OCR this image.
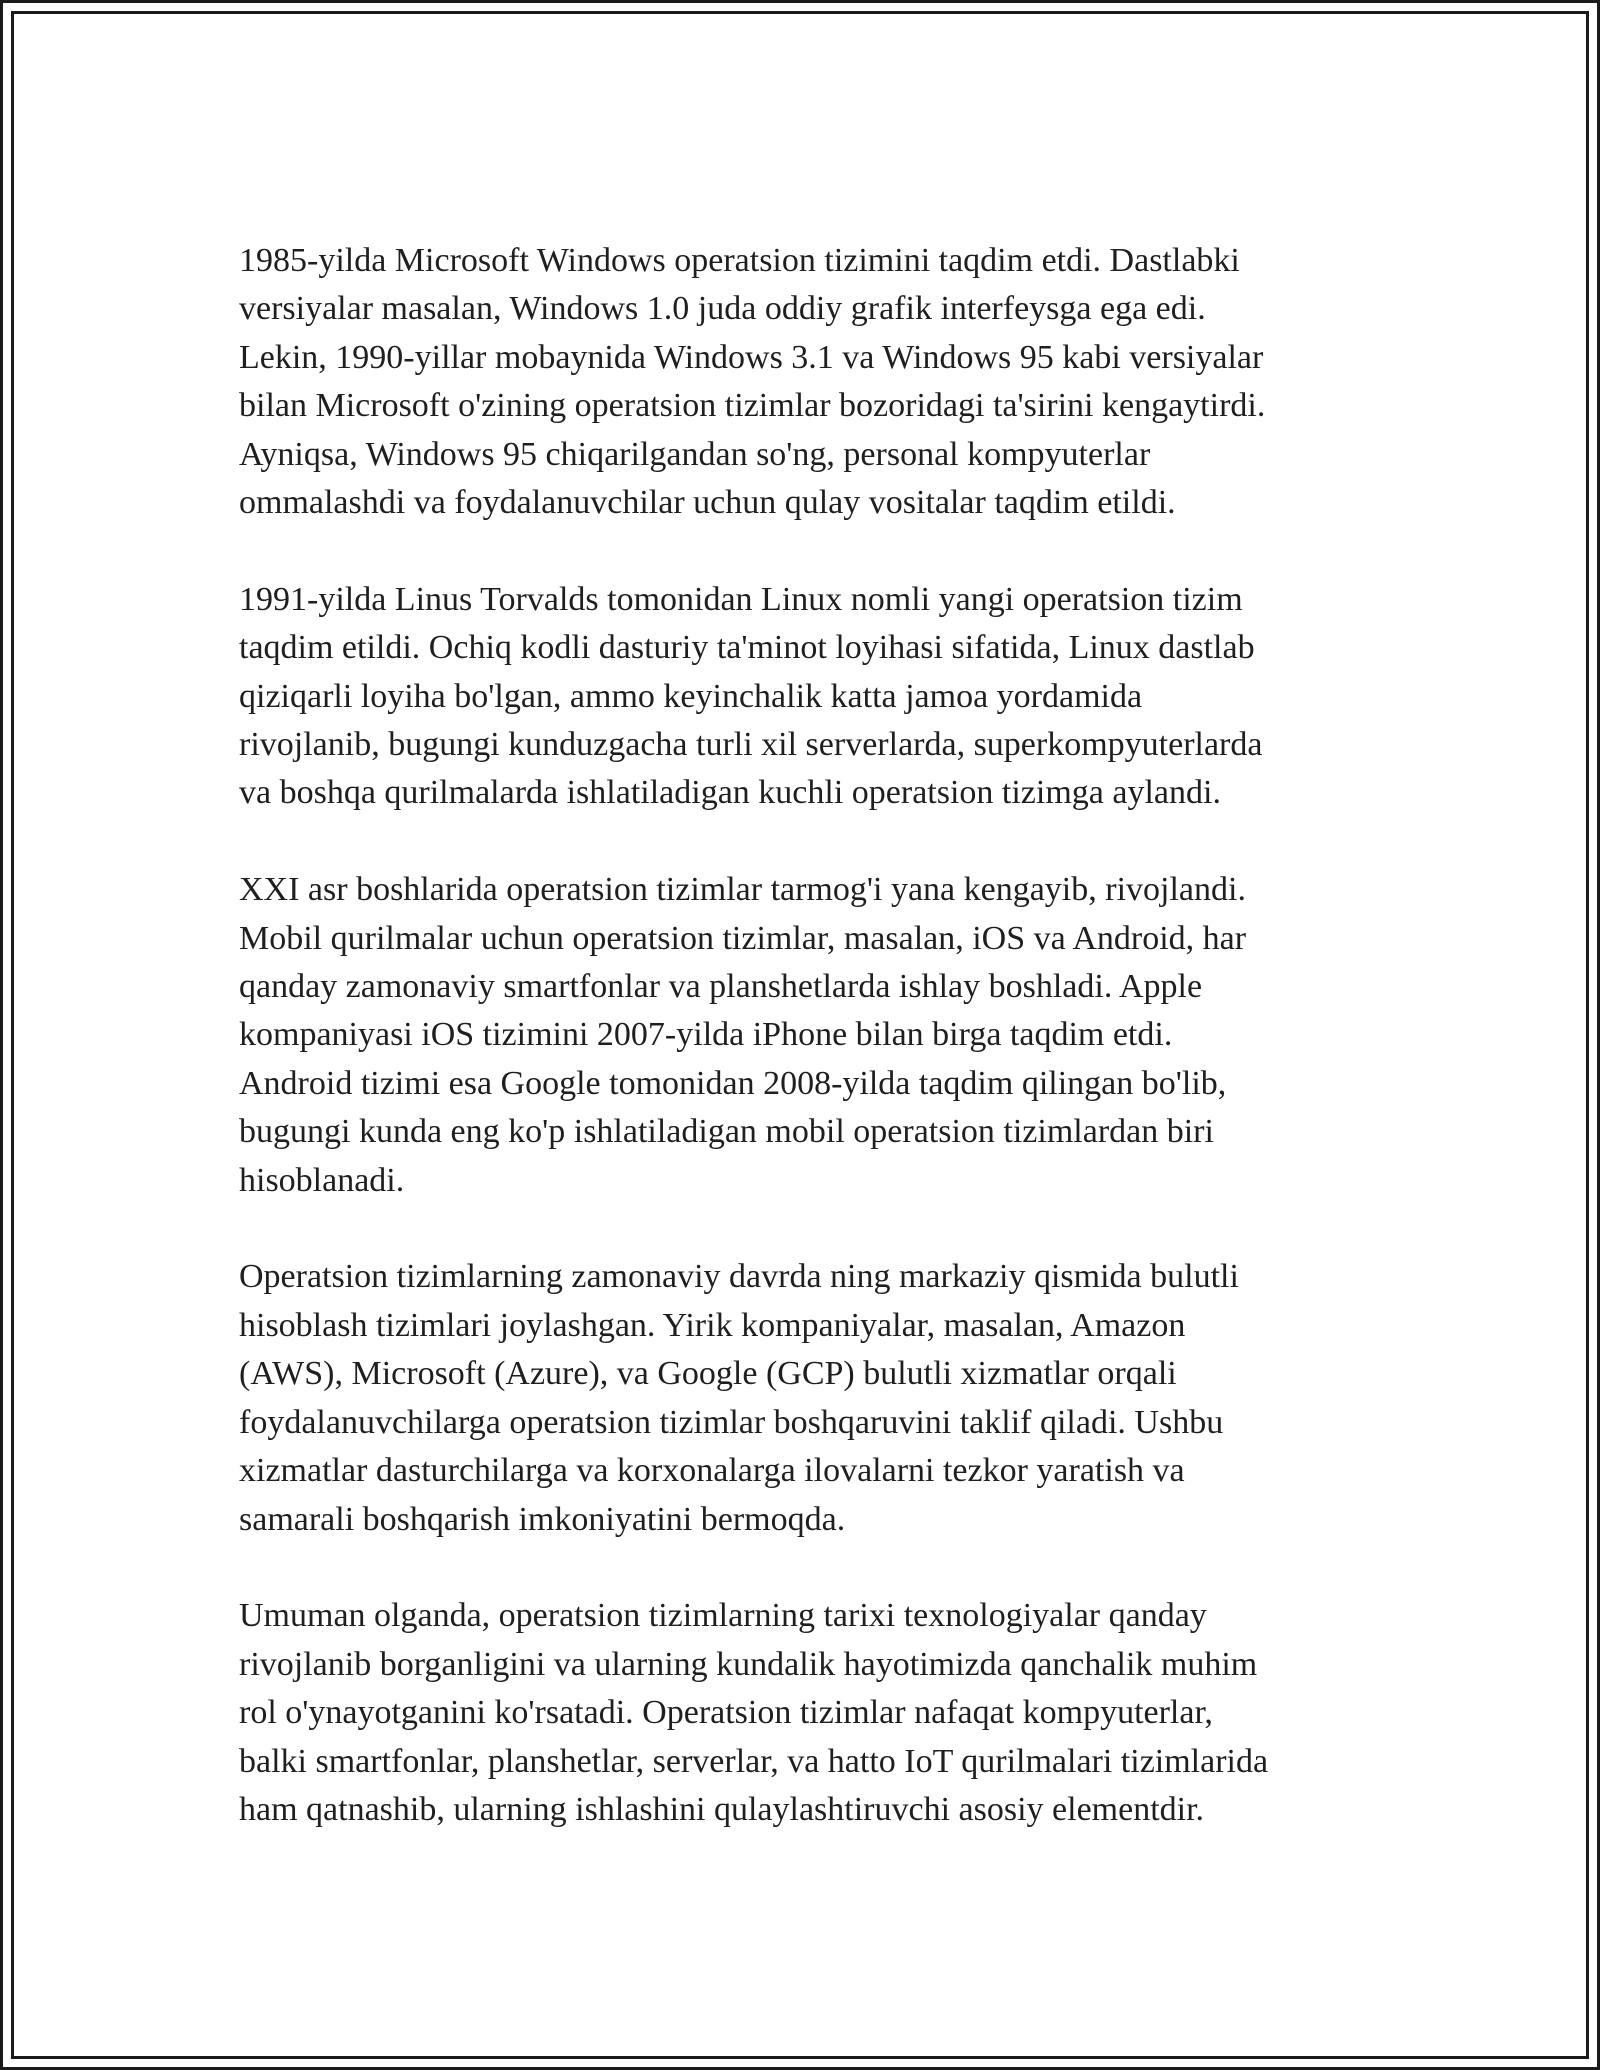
1985-yilda Microsoft Windows operatsion tizimini taqdim etdi. Dastlabki
versiyalar masalan, Windows 1.0 juda oddiy grafik interfeysga ega edi.
Lekin, 1990-yillar mobaynida Windows 3.1 va Windows 95 kabi versiyalar
bilan Microsoft o'zining operatsion tizimlar bozoridagi ta'sirini kengaytirdi.
Ayniqsa, Windows 95 chiqarilgandan so'ng, personal kompyuterlar
ommalashdi va foydalanuvchilar uchun qulay vositalar taqdim etildi.

1991-yilda Linus Torvalds tomonidan Linux nomli yangi operatsion tizim
taqdim etildi. Ochiq kodli dasturiy ta'minot loyihasi sifatida, Linux dastlab
qiziqarli loyiha bo'lgan, ammo keyinchalik katta jamoa yordamida
rivojlanib, bugungi kunduzgacha turli xil serverlarda, superkompyuterlarda
va boshqa qurilmalarda ishlatiladigan kuchli operatsion tizimga aylandi.

XXI asr boshlarida operatsion tizimlar tarmog'i yana kengayib, rivojlandi.
Mobil qurilmalar uchun operatsion tizimlar, masalan, iOS va Android, har
qanday zamonaviy smartfonlar va planshetlarda ishlay boshladi. Apple
kompaniyasi iOS tizimini 2007-yilda iPhone bilan birga taqdim etdi.
Android tizimi esa Google tomonidan 2008-yilda taqdim qilingan bo'lib,
bugungi kunda eng ko'p ishlatiladigan mobil operatsion tizimlardan biri
hisoblanadi.

Operatsion tizimlarning zamonaviy davrda ning markaziy qismida bulutli
hisoblash tizimlari joylashgan. Yirik kompaniyalar, masalan, Amazon
(AWS), Microsoft (Azure), va Google (GCP) bulutli xizmatlar orqali
foydalanuvchilarga operatsion tizimlar boshqaruvini taklif qiladi. Ushbu
xizmatlar dasturchilarga va korxonalarga ilovalarni tezkor yaratish va
samarali boshqarish imkoniyatini bermoqda.

Umuman olganda, operatsion tizimlarning tarixi texnologiyalar qanday
rivojlanib borganligini va ularning kundalik hayotimizda qanchalik muhim
rol o'ynayotganini ko'rsatadi. Operatsion tizimlar nafaqat kompyuterlar,
balki smartfonlar, planshetlar, serverlar, va hatto IoT qurilmalari tizimlarida
ham qatnashib, ularning ishlashini qulaylashtiruvchi asosiy elementdir.
